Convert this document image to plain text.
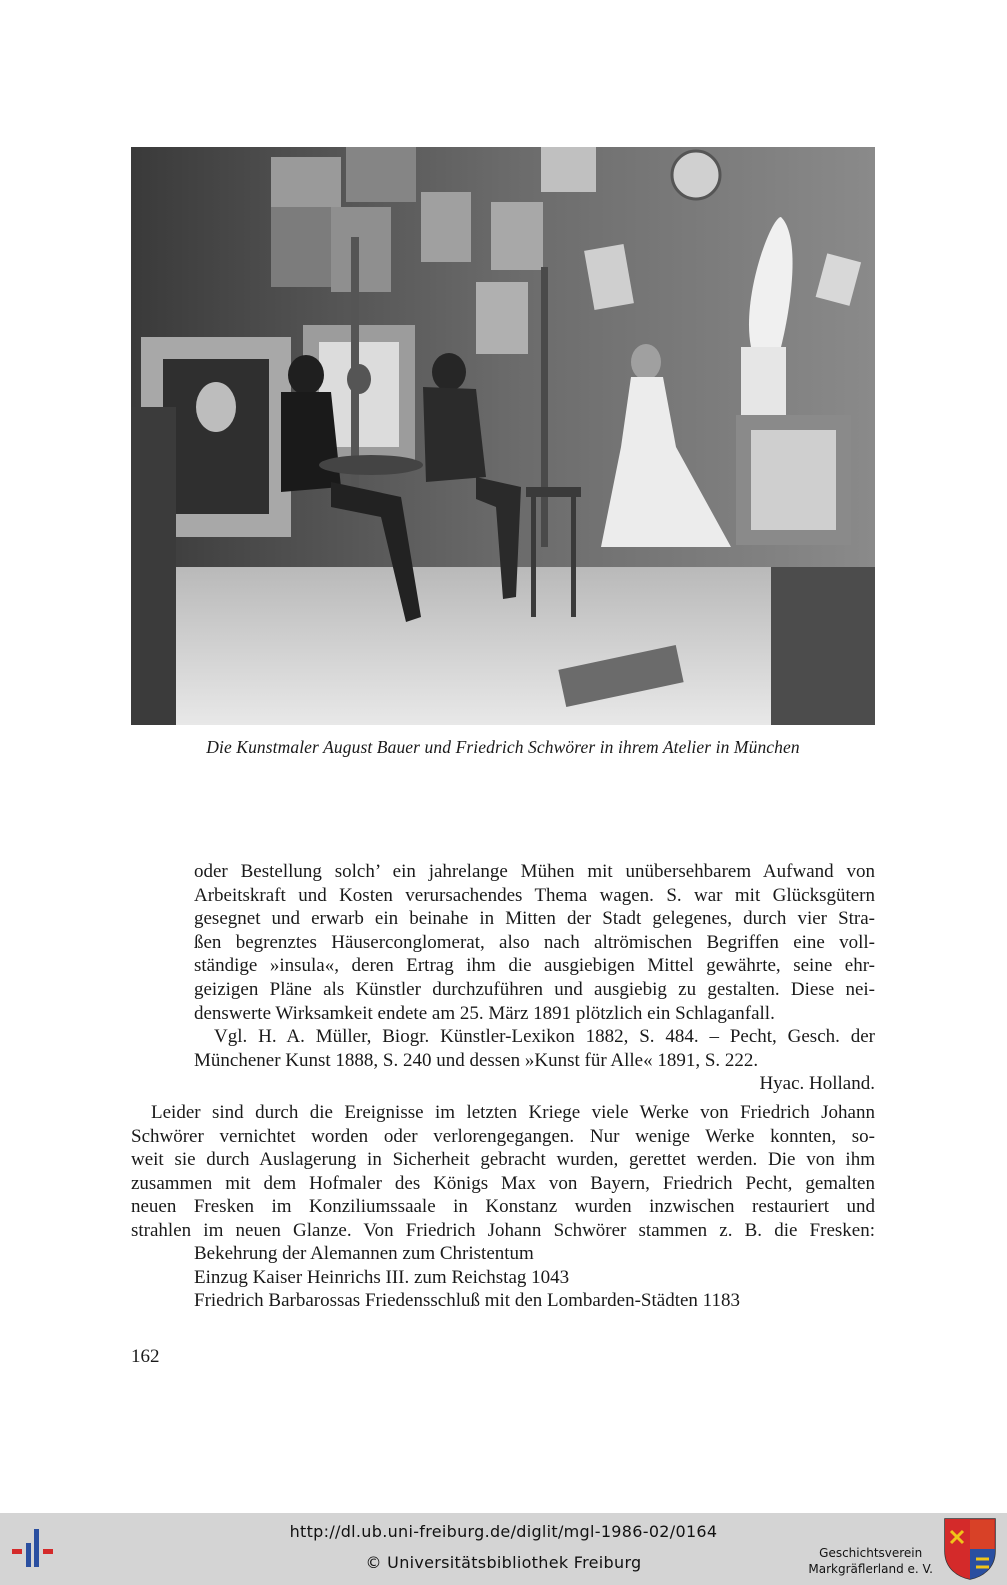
Die Kunstmaler August Bauer und Friedrich Schwörer in ihrem Atelier in München
oder Bestellung solch’ ein jahrelange Mühen mit unübersehbarem Aufwand von
Arbeitskraft und Kosten verursachendes Thema wagen. S. war mit Glücksgütern
gesegnet und erwarb ein beinahe in Mitten der Stadt gelegenes, durch vier Stra-
ßen begrenztes Häuserconglomerat, also nach altrömischen Begriffen eine voll-
ständige »insula«, deren Ertrag ihm die ausgiebigen Mittel gewährte, seine ehr-
geizigen Pläne als Künstler durchzuführen und ausgiebig zu gestalten. Diese nei-
denswerte Wirksamkeit endete am 25. März 1891 plötzlich ein Schlaganfall.
Vgl. H. A. Müller, Biogr. Künstler-Lexikon 1882, S. 484. – Pecht, Gesch. der
Münchener Kunst 1888, S. 240 und dessen »Kunst für Alle« 1891, S. 222.
Hyac. Holland.
Leider sind durch die Ereignisse im letzten Kriege viele Werke von Friedrich Johann
Schwörer vernichtet worden oder verlorengegangen. Nur wenige Werke konnten, so-
weit sie durch Auslagerung in Sicherheit gebracht wurden, gerettet werden. Die von ihm
zusammen mit dem Hofmaler des Königs Max von Bayern, Friedrich Pecht, gemalten
neuen Fresken im Konziliumssaale in Konstanz wurden inzwischen restauriert und
strahlen im neuen Glanze. Von Friedrich Johann Schwörer stammen z. B. die Fresken:
Bekehrung der Alemannen zum Christentum
Einzug Kaiser Heinrichs III. zum Reichstag 1043
Friedrich Barbarossas Friedensschluß mit den Lombarden-Städten 1183
162
http://dl.ub.uni-freiburg.de/diglit/mgl-1986-02/0164
© Universitätsbibliothek Freiburg	Geschichtsverein
Markgräflerland e. V.
